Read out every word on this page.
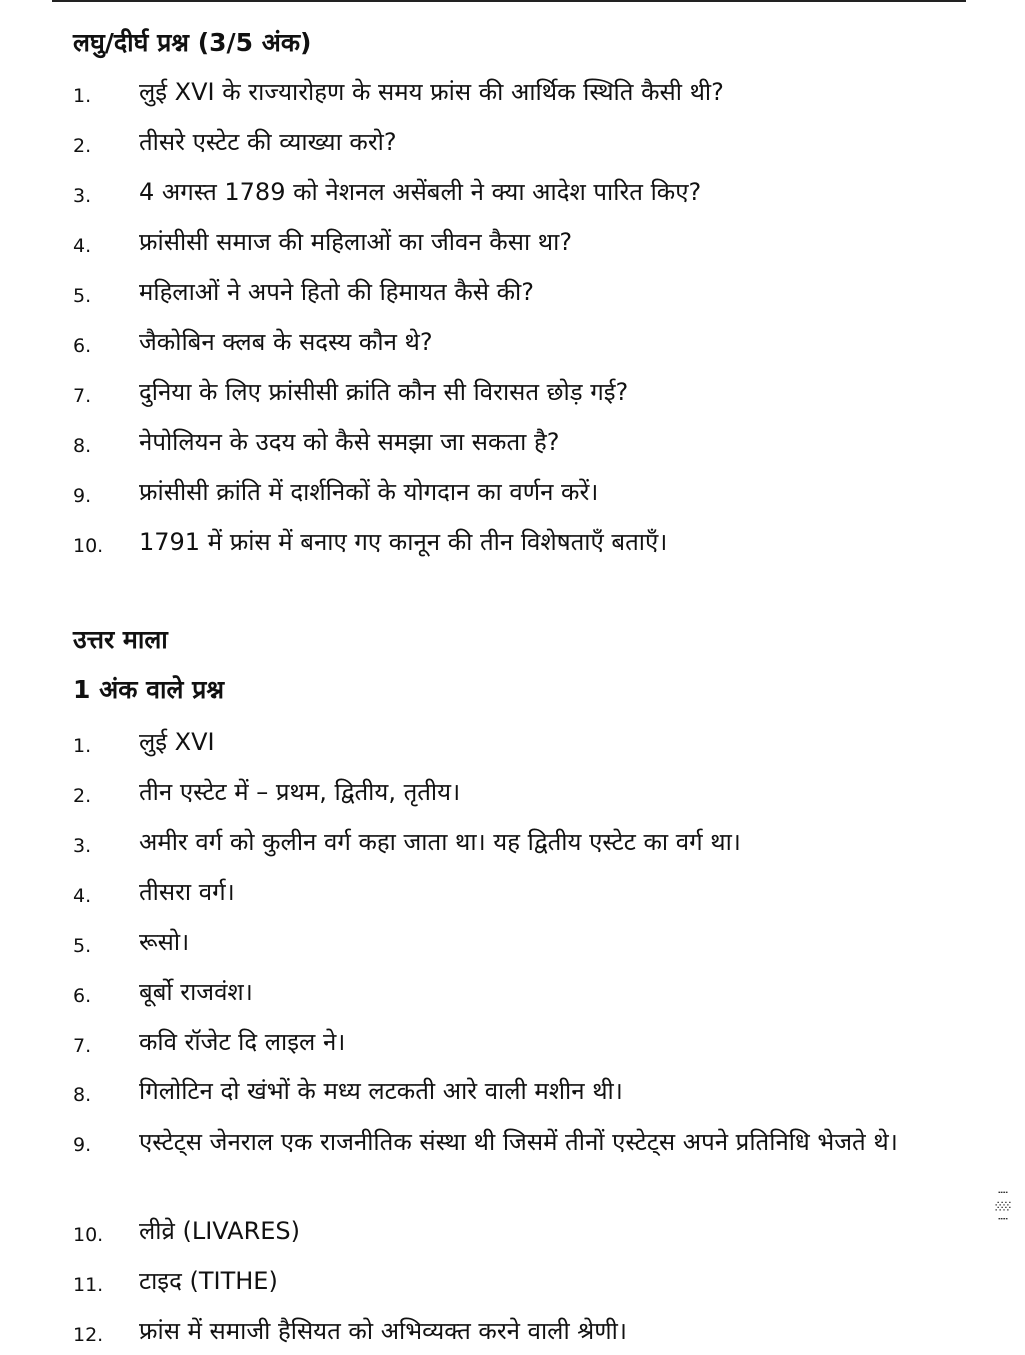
लघु/दीर्घ प्रश्न (3/5 अंक)
1. लुई XVI के राज्यारोहण के समय फ्रांस की आर्थिक स्थिति कैसी थी?
2. तीसरे एस्टेट की व्याख्या करो?
3. 4 अगस्त 1789 को नेशनल असेंबली ने क्या आदेश पारित किए?
4. फ्रांसीसी समाज की महिलाओं का जीवन कैसा था?
5. महिलाओं ने अपने हितो की हिमायत कैसे की?
6. जैकोबिन क्लब के सदस्य कौन थे?
7. दुनिया के लिए फ्रांसीसी क्रांति कौन सी विरासत छोड़ गई?
8. नेपोलियन के उदय को कैसे समझा जा सकता है?
9. फ्रांसीसी क्रांति में दार्शनिकों के योगदान का वर्णन करें।
10. 1791 में फ्रांस में बनाए गए कानून की तीन विशेषताएँ बताएँ।
उत्तर माला
1 अंक वाले प्रश्न
1. लुई XVI
2. तीन एस्टेट में – प्रथम, द्वितीय, तृतीय।
3. अमीर वर्ग को कुलीन वर्ग कहा जाता था। यह द्वितीय एस्टेट का वर्ग था।
4. तीसरा वर्ग।
5. रूसो।
6. बूर्बो राजवंश।
7. कवि रॉजेट दि लाइल ने।
8. गिलोटिन दो खंभों के मध्य लटकती आरे वाली मशीन थी।
9. एस्टेट्स जेनराल एक राजनीतिक संस्था थी जिसमें तीनों एस्टेट्स अपने प्रतिनिधि भेजते थे।
10. लीव्रे (LIVARES)
11. टाइद (TITHE)
12. फ्रांस में समाजी हैसियत को अभिव्यक्त करने वाली श्रेणी।
⁞ ░ ⁞
